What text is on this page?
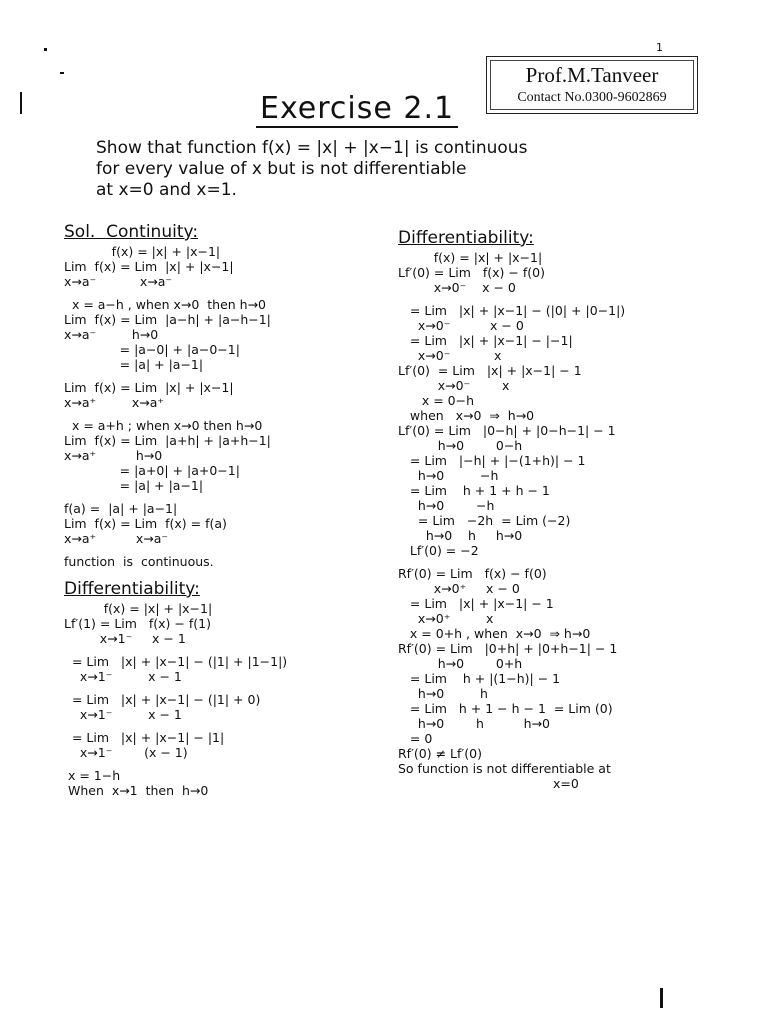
Prof.M.Tanveer
Contact No.0300-9602869
1
Exercise 2.1
Show that function f(x) = |x| + |x−1| is continuous
for every value of x but is not differentiable
at x=0 and x=1.
Sol.  Continuity:
f(x) = |x| + |x−1|
Lim  f(x) = Lim  |x| + |x−1|
x→a⁻           x→a⁻
x = a−h , when x→0  then h→0
Lim  f(x) = Lim  |a−h| + |a−h−1|
x→a⁻         h→0
= |a−0| + |a−0−1|
= |a| + |a−1|
Lim  f(x) = Lim  |x| + |x−1|
x→a⁺         x→a⁺
x = a+h ; when x→0 then h→0
Lim  f(x) = Lim  |a+h| + |a+h−1|
x→a⁺          h→0
= |a+0| + |a+0−1|
= |a| + |a−1|
f(a) =  |a| + |a−1|
Lim  f(x) = Lim  f(x) = f(a)
x→a⁺          x→a⁻
function  is  continuous.
Differentiability:
f(x) = |x| + |x−1|
Lf′(1) = Lim   f(x) − f(1)
x→1⁻     x − 1
= Lim   |x| + |x−1| − (|1| + |1−1|)
x→1⁻         x − 1
= Lim   |x| + |x−1| − (|1| + 0)
x→1⁻         x − 1
= Lim   |x| + |x−1| − |1|
x→1⁻        (x − 1)
x = 1−h
When  x→1  then  h→0
Differentiability:
f(x) = |x| + |x−1|
Lf′(0) = Lim   f(x) − f(0)
x→0⁻    x − 0
= Lim   |x| + |x−1| − (|0| + |0−1|)
x→0⁻          x − 0
= Lim   |x| + |x−1| − |−1|
x→0⁻           x
Lf′(0)  = Lim   |x| + |x−1| − 1
x→0⁻        x
x = 0−h
when   x→0  ⇒  h→0
Lf′(0) = Lim   |0−h| + |0−h−1| − 1
h→0        0−h
= Lim   |−h| + |−(1+h)| − 1
h→0         −h
= Lim    h + 1 + h − 1
h→0        −h
= Lim   −2h  = Lim (−2)
h→0    h     h→0
Lf′(0) = −2
Rf′(0) = Lim   f(x) − f(0)
x→0⁺     x − 0
= Lim   |x| + |x−1| − 1
x→0⁺         x
x = 0+h , when  x→0  ⇒ h→0
Rf′(0) = Lim   |0+h| + |0+h−1| − 1
h→0        0+h
= Lim    h + |(1−h)| − 1
h→0         h
= Lim   h + 1 − h − 1  = Lim (0)
h→0        h          h→0
= 0
Rf′(0) ≠ Lf′(0)
So function is not differentiable at
x=0
